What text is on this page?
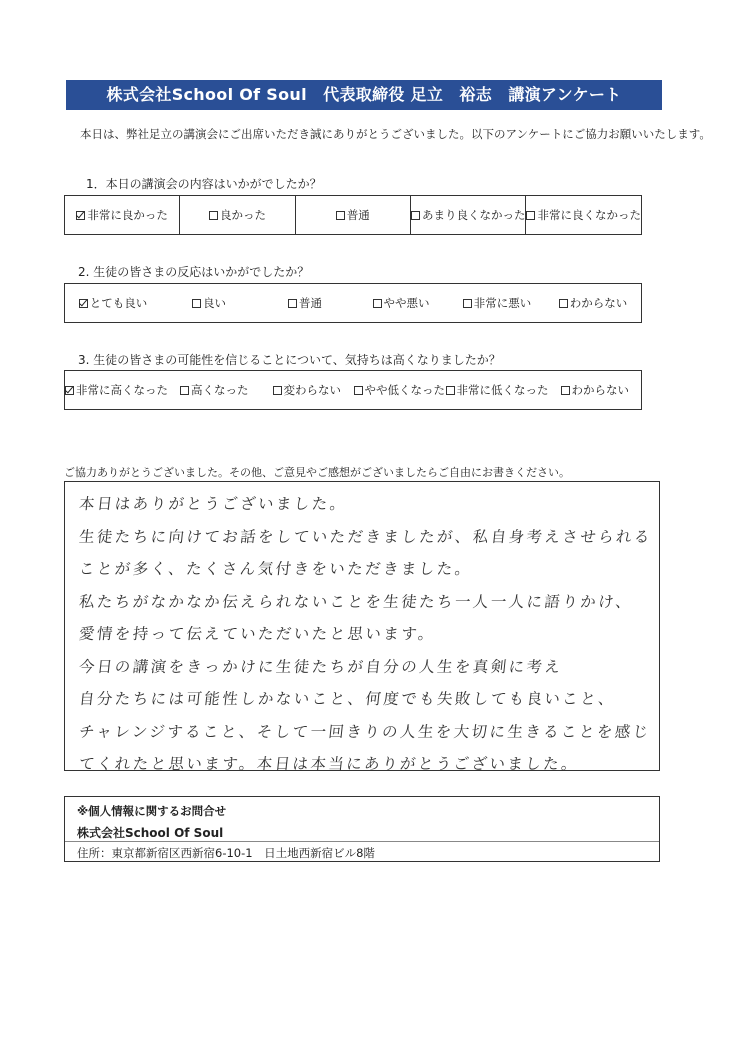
株式会社School Of Soul　代表取締役 足立　裕志　講演アンケート
本日は、弊社足立の講演会にご出席いただき誠にありがとうございました。以下のアンケートにご協力お願いいたします。
1．本日の講演会の内容はいかがでしたか？
非常に良かった	良かった	普通	あまり良くなかった 非常に良くなかった
2. 生徒の皆さまの反応はいかがでしたか？
とても良い	良い	普通	やや悪い	非常に悪い	わからない
3. 生徒の皆さまの可能性を信じることについて、気持ちは高くなりましたか？
非常に高くなった 高くなった	変わらない やや低くなった 非常に低くなった わからない
ご協力ありがとうございました。その他、ご意見やご感想がございましたらご自由にお書きください。
本日はありがとうございました。
生徒たちに向けてお話をしていただきましたが、私自身考えさせられる
ことが多く、たくさん気付きをいただきました。
私たちがなかなか伝えられないことを生徒たち一人一人に語りかけ、
愛情を持って伝えていただいたと思います。
今日の講演をきっかけに生徒たちが自分の人生を真剣に考え
自分たちには可能性しかないこと、何度でも失敗しても良いこと、
チャレンジすること、そして一回きりの人生を大切に生きることを感じ
てくれたと思います。本日は本当にありがとうございました。
※個人情報に関するお問合せ
株式会社School Of Soul
住所：東京都新宿区西新宿6-10-1　日土地西新宿ビル8階
